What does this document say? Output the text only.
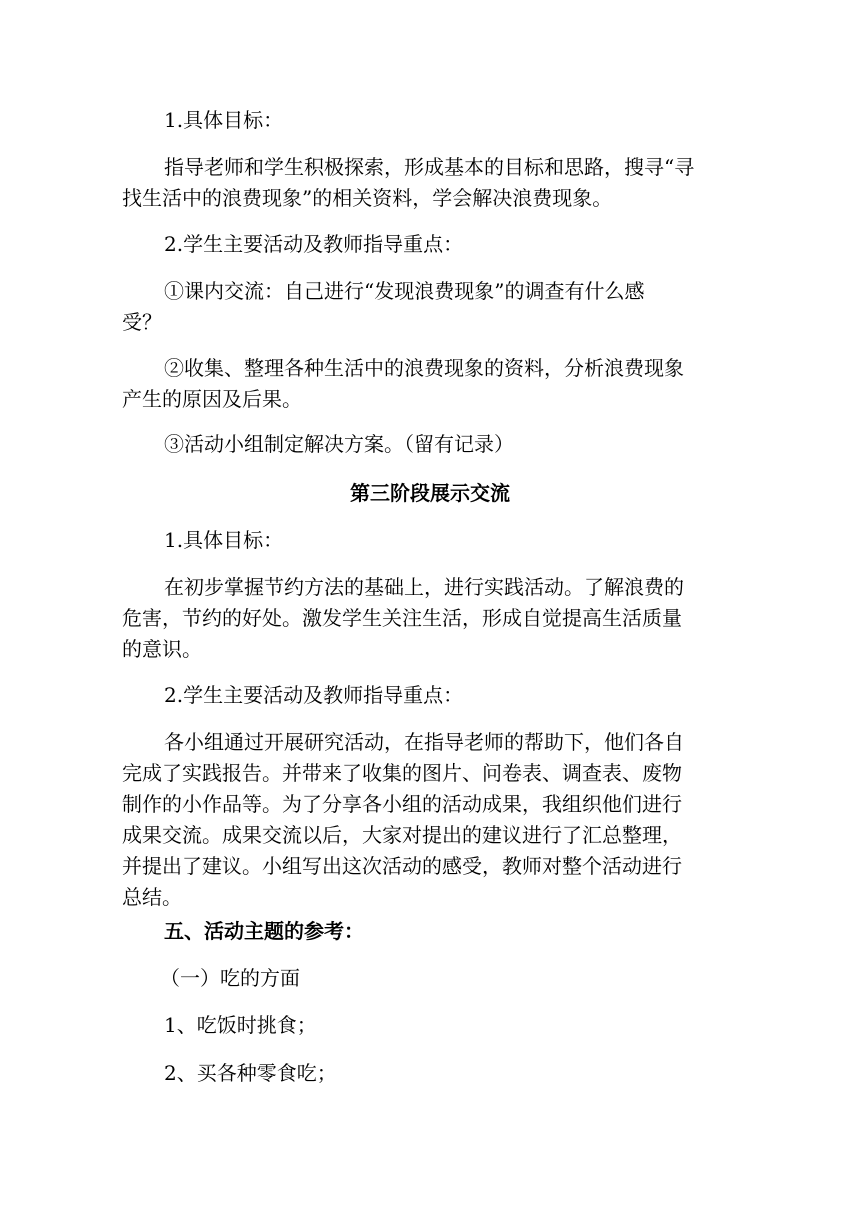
1.具体目标：

指导老师和学生积极探索，形成基本的目标和思路，搜寻“寻
找生活中的浪费现象”的相关资料，学会解决浪费现象。

2.学生主要活动及教师指导重点：

①课内交流：自己进行“发现浪费现象”的调查有什么感
受？

②收集、整理各种生活中的浪费现象的资料，分析浪费现象
产生的原因及后果。

③活动小组制定解决方案。（留有记录）

第三阶段展示交流

1.具体目标：

在初步掌握节约方法的基础上，进行实践活动。了解浪费的
危害，节约的好处。激发学生关注生活，形成自觉提高生活质量
的意识。

2.学生主要活动及教师指导重点：

各小组通过开展研究活动，在指导老师的帮助下，他们各自
完成了实践报告。并带来了收集的图片、问卷表、调查表、废物
制作的小作品等。为了分享各小组的活动成果，我组织他们进行
成果交流。成果交流以后，大家对提出的建议进行了汇总整理，
并提出了建议。小组写出这次活动的感受，教师对整个活动进行
总结。

五、活动主题的参考：

（一）吃的方面

1、吃饭时挑食；

2、买各种零食吃；
